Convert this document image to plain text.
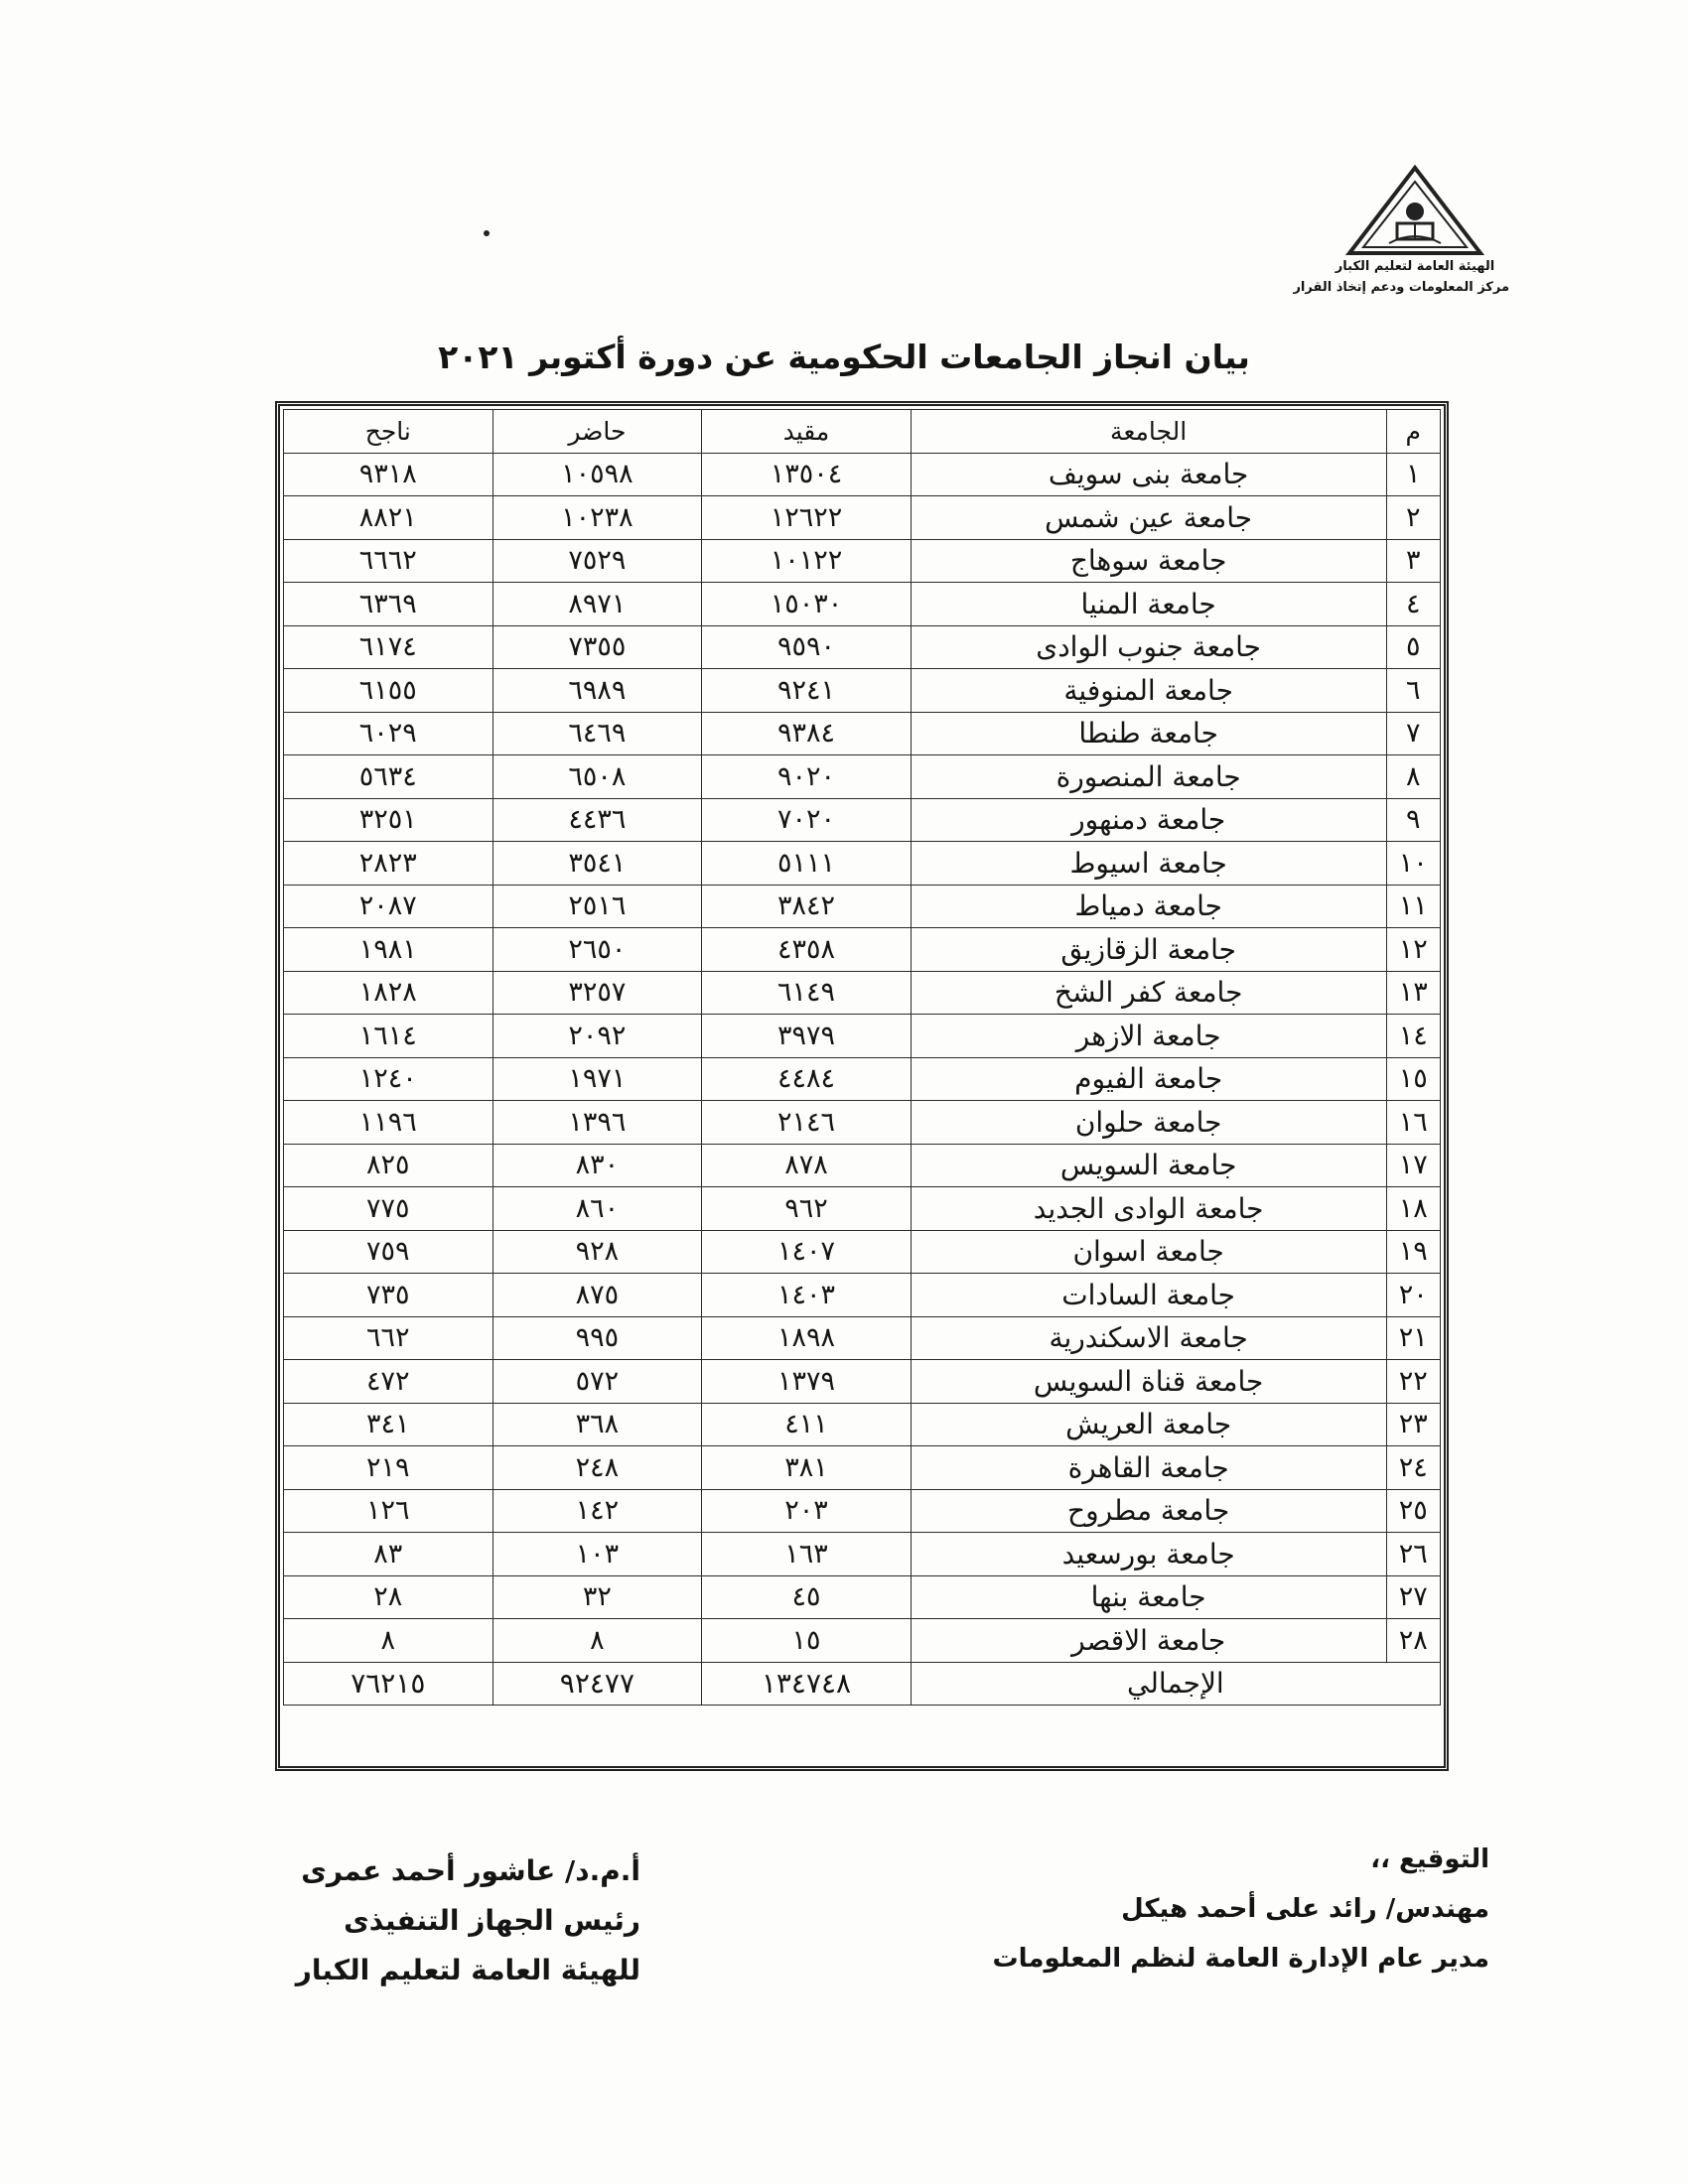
الهيئة العامة لتعليم الكبار
مركز المعلومات ودعم إتخاذ القرار
بيان انجاز الجامعات الحكومية عن دورة أكتوبر ٢٠٢١
م	الجامعة	مقيد	حاضر	ناجح
١	جامعة بنى سويف	١٣٥٠٤	١٠٥٩٨	٩٣١٨
٢	جامعة عين شمس	١٢٦٢٢	١٠٢٣٨	٨٨٢١
٣	جامعة سوهاج	١٠١٢٢	٧٥٢٩	٦٦٦٢
٤	جامعة المنيا	١٥٠٣٠	٨٩٧١	٦٣٦٩
٥	جامعة جنوب الوادى	٩٥٩٠	٧٣٥٥	٦١٧٤
٦	جامعة المنوفية	٩٢٤١	٦٩٨٩	٦١٥٥
٧	جامعة طنطا	٩٣٨٤	٦٤٦٩	٦٠٢٩
٨	جامعة المنصورة	٩٠٢٠	٦٥٠٨	٥٦٣٤
٩	جامعة دمنهور	٧٠٢٠	٤٤٣٦	٣٢٥١
١٠	جامعة اسيوط	٥١١١	٣٥٤١	٢٨٢٣
١١	جامعة دمياط	٣٨٤٢	٢٥١٦	٢٠٨٧
١٢	جامعة الزقازيق	٤٣٥٨	٢٦٥٠	١٩٨١
١٣	جامعة كفر الشخ	٦١٤٩	٣٢٥٧	١٨٢٨
١٤	جامعة الازهر	٣٩٧٩	٢٠٩٢	١٦١٤
١٥	جامعة الفيوم	٤٤٨٤	١٩٧١	١٢٤٠
١٦	جامعة حلوان	٢١٤٦	١٣٩٦	١١٩٦
١٧	جامعة السويس	٨٧٨	٨٣٠	٨٢٥
١٨	جامعة الوادى الجديد	٩٦٢	٨٦٠	٧٧٥
١٩	جامعة اسوان	١٤٠٧	٩٢٨	٧٥٩
٢٠	جامعة السادات	١٤٠٣	٨٧٥	٧٣٥
٢١	جامعة الاسكندرية	١٨٩٨	٩٩٥	٦٦٢
٢٢	جامعة قناة السويس	١٣٧٩	٥٧٢	٤٧٢
٢٣	جامعة العريش	٤١١	٣٦٨	٣٤١
٢٤	جامعة القاهرة	٣٨١	٢٤٨	٢١٩
٢٥	جامعة مطروح	٢٠٣	١٤٢	١٢٦
٢٦	جامعة بورسعيد	١٦٣	١٠٣	٨٣
٢٧	جامعة بنها	٤٥	٣٢	٢٨
٢٨	جامعة الاقصر	١٥	٨	٨
الإجمالي		١٣٤٧٤٨	٩٢٤٧٧	٧٦٢١٥
أ.م.د/ عاشور أحمد عمرى
رئيس الجهاز التنفيذى
للهيئة العامة لتعليم الكبار
التوقيع ،،
مهندس/ رائد على أحمد هيكل
مدير عام الإدارة العامة لنظم المعلومات
